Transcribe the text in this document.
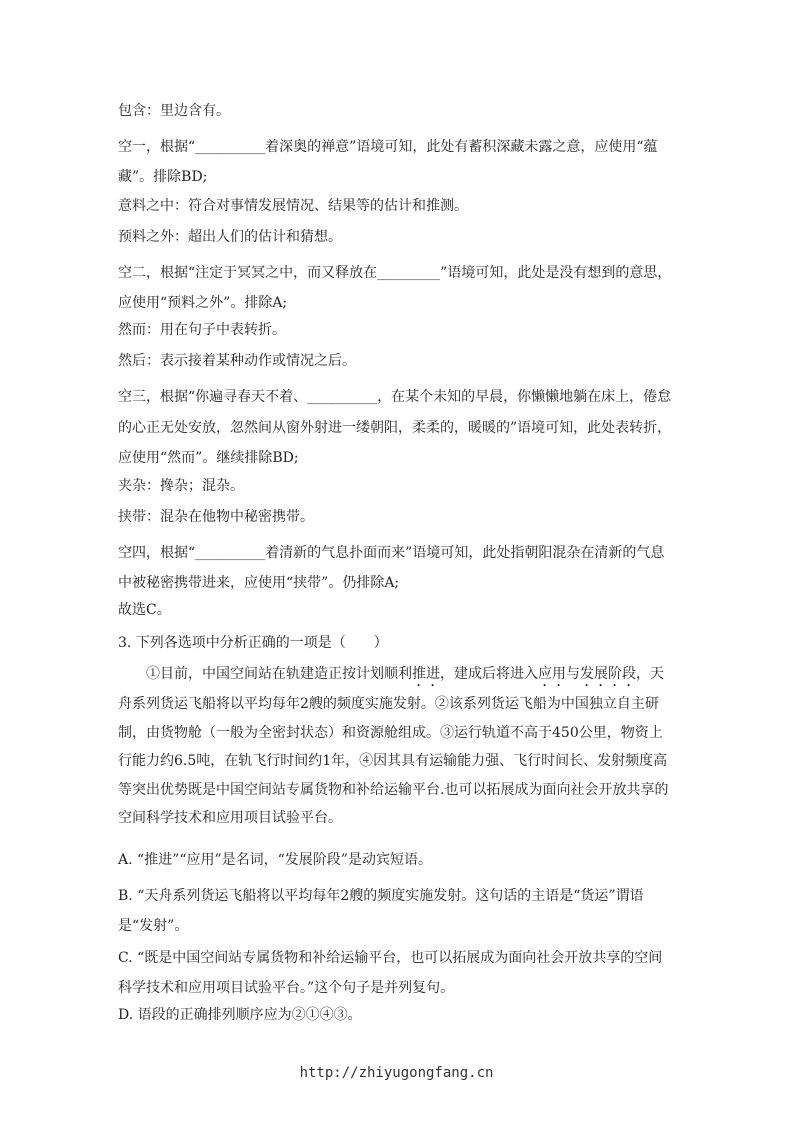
包含：里边含有。

空一，根据“__________着深奥的禅意”语境可知，此处有蓄积深藏未露之意，应使用“蕴藏”。排除BD;

意料之中：符合对事情发展情况、结果等的估计和推测。

预料之外：超出人们的估计和猜想。

空二，根据“注定于冥冥之中，而又释放在_________”语境可知，此处是没有想到的意思，应使用“预料之外”。排除A;

然而：用在句子中表转折。

然后：表示接着某种动作或情况之后。

空三，根据“你遍寻春天不着、__________，在某个未知的早晨，你懒懒地躺在床上，倦怠的心正无处安放，忽然间从窗外射进一缕朝阳，柔柔的，暖暖的”语境可知，此处表转折，应使用“然而”。继续排除BD;

夹杂：搀杂；混杂。

挟带：混杂在他物中秘密携带。

空四，根据“__________着清新的气息扑面而来”语境可知，此处指朝阳混杂在清新的气息中被秘密携带进来，应使用“挟带”。仍排除A;

故选C。

3. 下列各选项中分析正确的一项是（　　）

①目前，中国空间站在轨建造正按计划顺利推进，建成后将进入应用与发展阶段，天舟系列货运飞船将以平均每年2艘的频度实施发射。②该系列货运飞船为中国独立自主研制，由货物舱（一般为全密封状态）和资源舱组成。③运行轨道不高于450公里，物资上行能力约6.5吨，在轨飞行时间约1年，④因其具有运输能力强、飞行时间长、发射频度高等突出优势既是中国空间站专属货物和补给运输平台.也可以拓展成为面向社会开放共享的空间科学技术和应用项目试验平台。

A. “推进”“应用”是名词，“发展阶段”是动宾短语。

B. “天舟系列货运飞船将以平均每年2艘的频度实施发射。这句话的主语是“货运”谓语是“发射”。

C. “既是中国空间站专属货物和补给运输平台，也可以拓展成为面向社会开放共享的空间科学技术和应用项目试验平台。”这个句子是并列复句。

D. 语段的正确排列顺序应为②①④③。

http://zhiyugongfang.cn
